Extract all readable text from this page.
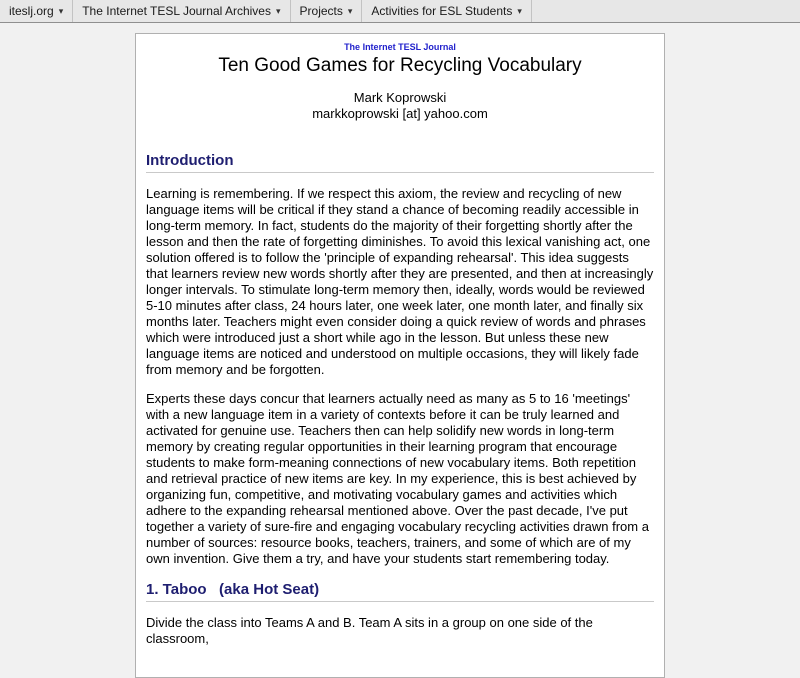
iteslj.org ▾ The Internet TESL Journal Archives ▾ Projects ▾ Activities for ESL Students ▾
The Internet TESL Journal
Ten Good Games for Recycling Vocabulary
Mark Koprowski
markkoprowski [at] yahoo.com
Introduction

Learning is remembering. If we respect this axiom, the review and recycling of new language items will be critical if they stand a chance of becoming readily accessible in long-term memory. In fact, students do the majority of their forgetting shortly after the lesson and then the rate of forgetting diminishes. To avoid this lexical vanishing act, one solution offered is to follow the 'principle of expanding rehearsal'. This idea suggests that learners review new words shortly after they are presented, and then at increasingly longer intervals. To stimulate long-term memory then, ideally, words would be reviewed 5-10 minutes after class, 24 hours later, one week later, one month later, and finally six months later. Teachers might even consider doing a quick review of words and phrases which were introduced just a short while ago in the lesson. But unless these new language items are noticed and understood on multiple occasions, they will likely fade from memory and be forgotten.

Experts these days concur that learners actually need as many as 5 to 16 'meetings' with a new language item in a variety of contexts before it can be truly learned and activated for genuine use. Teachers then can help solidify new words in long-term memory by creating regular opportunities in their learning program that encourage students to make form-meaning connections of new vocabulary items. Both repetition and retrieval practice of new items are key. In my experience, this is best achieved by organizing fun, competitive, and motivating vocabulary games and activities which adhere to the expanding rehearsal mentioned above. Over the past decade, I've put together a variety of sure-fire and engaging vocabulary recycling activities drawn from a number of sources: resource books, teachers, trainers, and some of which are of my own invention. Give them a try, and have your students start remembering today.

1. Taboo   (aka Hot Seat)

Divide the class into Teams A and B. Team A sits in a group on one side of the classroom,
